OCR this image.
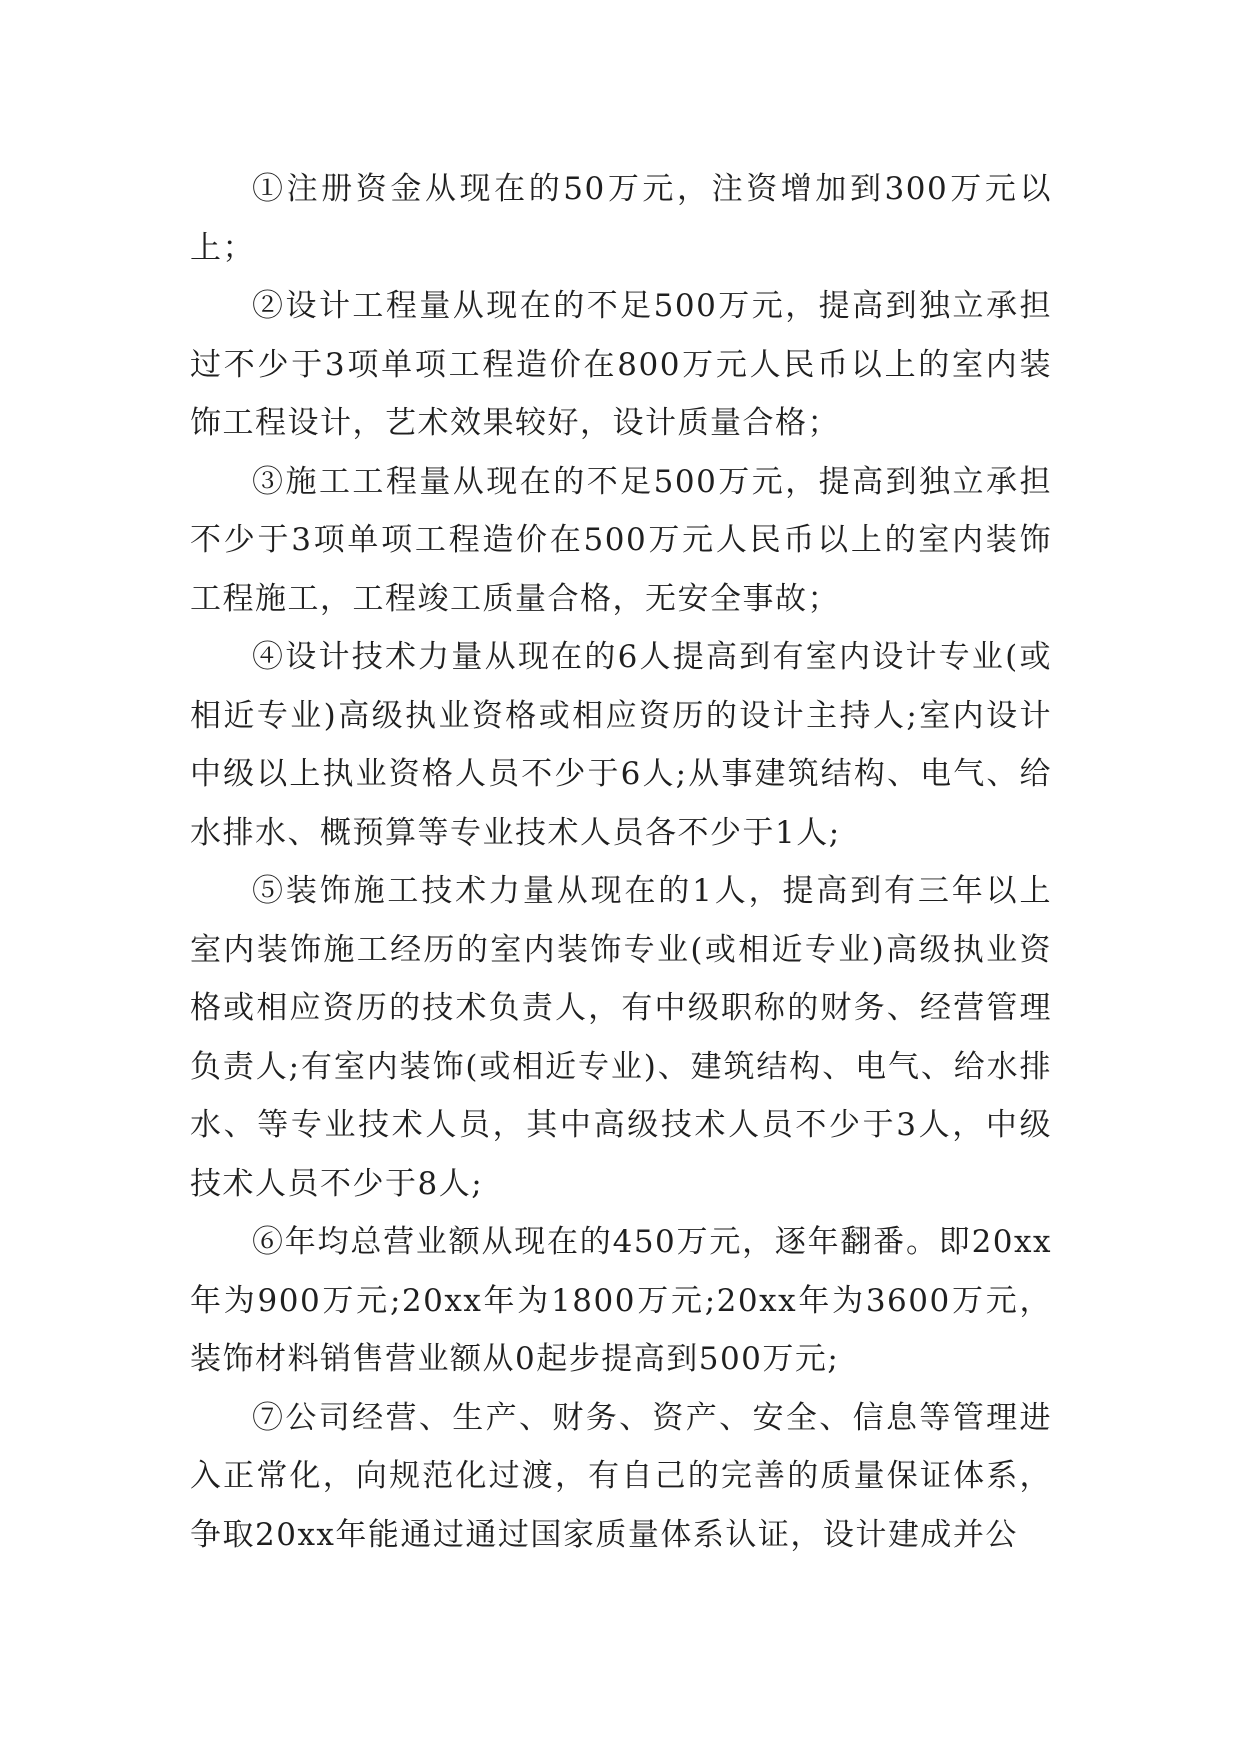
①注册资金从现在的50万元，注资增加到300万元以上；

②设计工程量从现在的不足500万元，提高到独立承担过不少于3项单项工程造价在800万元人民币以上的室内装饰工程设计，艺术效果较好，设计质量合格；

③施工工程量从现在的不足500万元，提高到独立承担不少于3项单项工程造价在500万元人民币以上的室内装饰工程施工，工程竣工质量合格，无安全事故；

④设计技术力量从现在的6人提高到有室内设计专业(或相近专业)高级执业资格或相应资历的设计主持人;室内设计中级以上执业资格人员不少于6人;从事建筑结构、电气、给水排水、概预算等专业技术人员各不少于1人;

⑤装饰施工技术力量从现在的1人，提高到有三年以上室内装饰施工经历的室内装饰专业(或相近专业)高级执业资格或相应资历的技术负责人，有中级职称的财务、经营管理负责人;有室内装饰(或相近专业)、建筑结构、电气、给水排水、等专业技术人员，其中高级技术人员不少于3人，中级技术人员不少于8人;

⑥年均总营业额从现在的450万元，逐年翻番。即20xx年为900万元;20xx年为1800万元;20xx年为3600万元，装饰材料销售营业额从0起步提高到500万元;

⑦公司经营、生产、财务、资产、安全、信息等管理进入正常化，向规范化过渡，有自己的完善的质量保证体系，争取20xx年能通过通过国家质量体系认证，设计建成并公
